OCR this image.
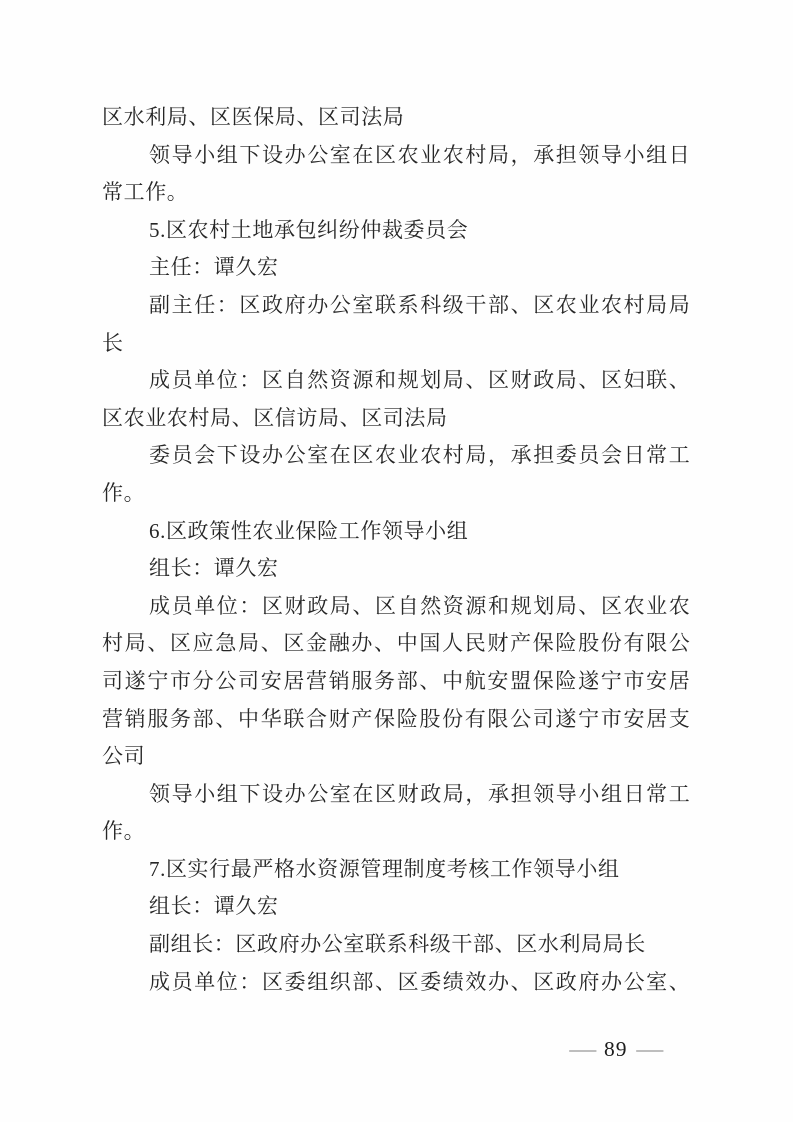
区水利局、区医保局、区司法局
领导小组下设办公室在区农业农村局，承担领导小组日
常工作。
5.区农村土地承包纠纷仲裁委员会
主任：谭久宏
副主任：区政府办公室联系科级干部、区农业农村局局
长
成员单位：区自然资源和规划局、区财政局、区妇联、
区农业农村局、区信访局、区司法局
委员会下设办公室在区农业农村局，承担委员会日常工
作。
6.区政策性农业保险工作领导小组
组长：谭久宏
成员单位：区财政局、区自然资源和规划局、区农业农
村局、区应急局、区金融办、中国人民财产保险股份有限公
司遂宁市分公司安居营销服务部、中航安盟保险遂宁市安居
营销服务部、中华联合财产保险股份有限公司遂宁市安居支
公司
领导小组下设办公室在区财政局，承担领导小组日常工
作。
7.区实行最严格水资源管理制度考核工作领导小组
组长：谭久宏
副组长：区政府办公室联系科级干部、区水利局局长
成员单位：区委组织部、区委绩效办、区政府办公室、
— 89 —
